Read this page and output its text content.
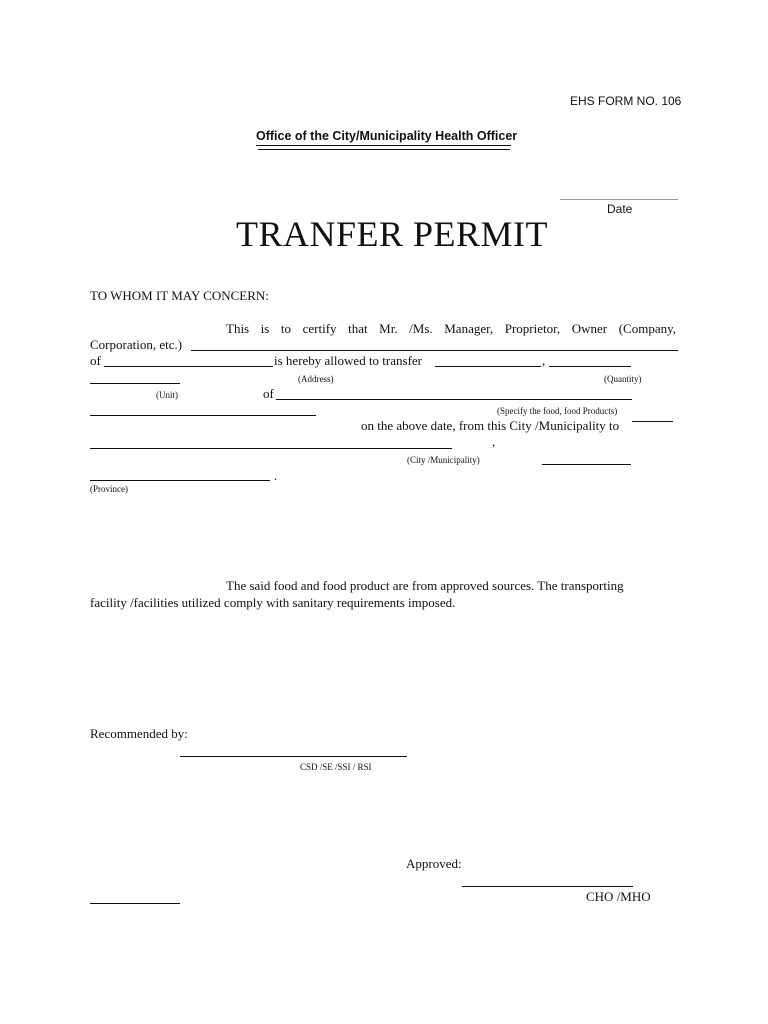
EHS FORM NO. 106
Office of the City/Municipality Health Officer
Date
TRANFER PERMIT
TO WHOM IT MAY CONCERN:
This is to certify that Mr. /Ms. Manager, Proprietor, Owner (Company,
Corporation, etc.)
of	is hereby allowed to transfer	,
(Address)	(Quantity)
(Unit)	of
(Specify the food, food Products)
on the above date, from this City /Municipality to
,
(City /Municipality)
.
(Province)
The said food and food product are from approved sources. The transporting
facility /facilities utilized comply with sanitary requirements imposed.
Recommended by:
CSD /SE /SSI / RSI
Approved:
CHO /MHO
